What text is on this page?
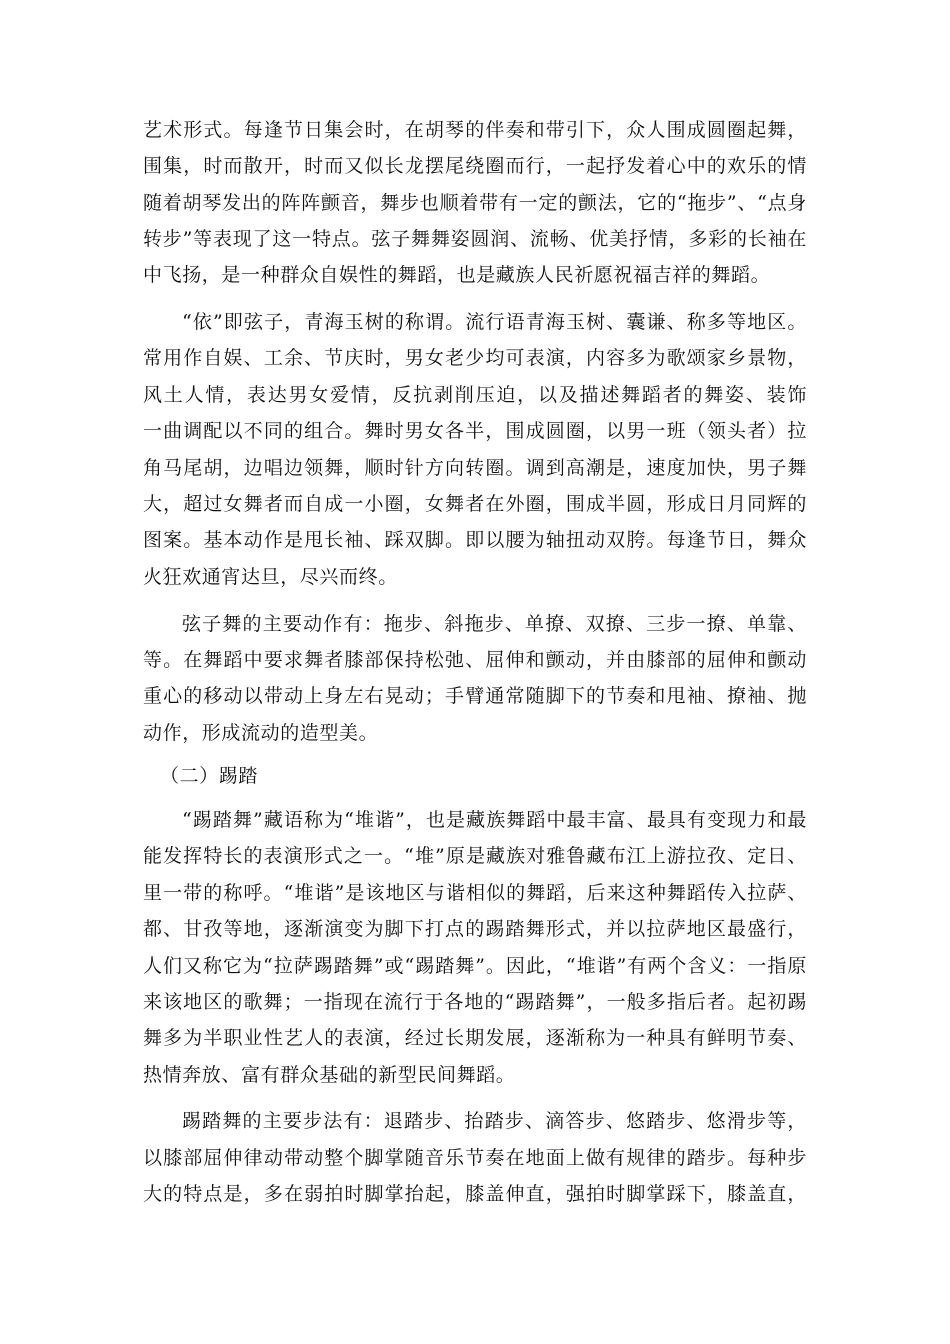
艺术形式。每逢节日集会时，在胡琴的伴奏和带引下，众人围成圆圈起舞，

围集，时而散开，时而又似长龙摆尾绕圈而行，一起抒发着心中的欢乐的情

随着胡琴发出的阵阵颤音，舞步也顺着带有一定的颤法，它的“拖步”、“点身

转步”等表现了这一特点。弦子舞舞姿圆润、流畅、优美抒情，多彩的长袖在

中飞扬，是一种群众自娱性的舞蹈，也是藏族人民祈愿祝福吉祥的舞蹈。

“依”即弦子，青海玉树的称谓。流行语青海玉树、囊谦、称多等地区。

常用作自娱、工余、节庆时，男女老少均可表演，内容多为歌颂家乡景物，

风土人情，表达男女爱情，反抗剥削压迫，以及描述舞蹈者的舞姿、装饰

一曲调配以不同的组合。舞时男女各半，围成圆圈，以男一班（领头者）拉

角马尾胡，边唱边领舞，顺时针方向转圈。调到高潮是，速度加快，男子舞

大，超过女舞者而自成一小圈，女舞者在外圈，围成半圆，形成日月同辉的

图案。基本动作是甩长袖、踩双脚。即以腰为轴扭动双胯。每逢节日，舞众

火狂欢通宵达旦，尽兴而终。

弦子舞的主要动作有：拖步、斜拖步、单撩、双撩、三步一撩、单靠、

等。在舞蹈中要求舞者膝部保持松弛、屈伸和颤动，并由膝部的屈伸和颤动

重心的移动以带动上身左右晃动；手臂通常随脚下的节奏和甩袖、撩袖、抛

动作，形成流动的造型美。

（二）踢踏

“踢踏舞”藏语称为“堆谐”，也是藏族舞蹈中最丰富、最具有变现力和最

能发挥特长的表演形式之一。“堆”原是藏族对雅鲁藏布江上游拉孜、定日、

里一带的称呼。“堆谐”是该地区与谐相似的舞蹈，后来这种舞蹈传入拉萨、

都、甘孜等地，逐渐演变为脚下打点的踢踏舞形式，并以拉萨地区最盛行，

人们又称它为“拉萨踢踏舞”或“踢踏舞”。因此，“堆谐”有两个含义：一指原

来该地区的歌舞；一指现在流行于各地的“踢踏舞”，一般多指后者。起初踢

舞多为半职业性艺人的表演，经过长期发展，逐渐称为一种具有鲜明节奏、

热情奔放、富有群众基础的新型民间舞蹈。

踢踏舞的主要步法有：退踏步、抬踏步、滴答步、悠踏步、悠滑步等，

以膝部屈伸律动带动整个脚掌随音乐节奏在地面上做有规律的踏步。每种步

大的特点是，多在弱拍时脚掌抬起，膝盖伸直，强拍时脚掌踩下，膝盖直，
